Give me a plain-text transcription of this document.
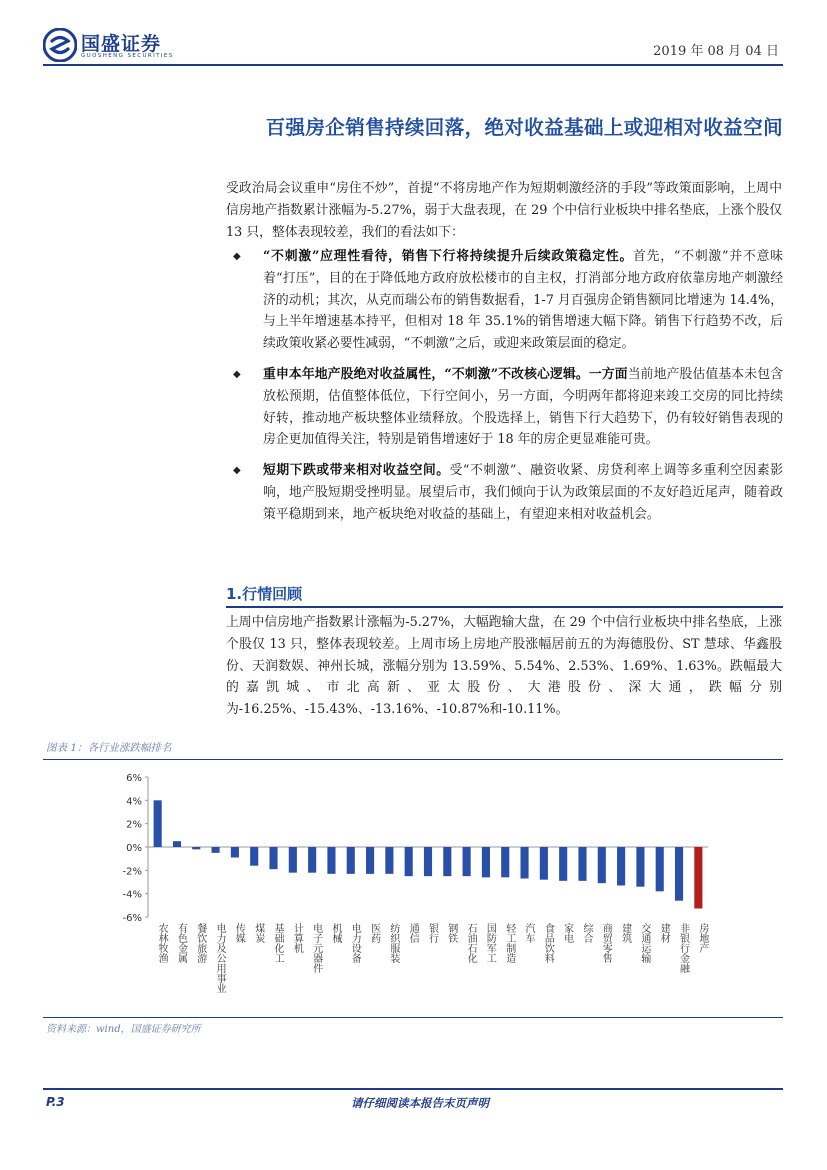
国盛证券
GUOSHENG SECURITIES	2019 年 08 月 04 日
百强房企销售持续回落，绝对收益基础上或迎相对收益空间
受政治局会议重申“房住不炒”，首提“不将房地产作为短期刺激经济的手段”等政策面影响，上周中信房地产指数累计涨幅为-5.27%，弱于大盘表现，在 29 个中信行业板块中排名垫底，上涨个股仅 13 只，整体表现较差，我们的看法如下：
◆ “不刺激”应理性看待，销售下行将持续提升后续政策稳定性。首先，“不刺激”并不意味着“打压”，目的在于降低地方政府放松楼市的自主权，打消部分地方政府依靠房地产刺激经济的动机；其次，从克而瑞公布的销售数据看，1-7 月百强房企销售额同比增速为 14.4%，与上半年增速基本持平，但相对 18 年 35.1%的销售增速大幅下降。销售下行趋势不改，后续政策收紧必要性减弱，“不刺激”之后，或迎来政策层面的稳定。
◆ 重申本年地产股绝对收益属性，“不刺激”不改核心逻辑。一方面当前地产股估值基本未包含放松预期，估值整体低位，下行空间小，另一方面，今明两年都将迎来竣工交房的同比持续好转，推动地产板块整体业绩释放。个股选择上，销售下行大趋势下，仍有较好销售表现的房企更加值得关注，特别是销售增速好于 18 年的房企更显难能可贵。
◆ 短期下跌或带来相对收益空间。受“不刺激”、融资收紧、房贷利率上调等多重利空因素影响，地产股短期受挫明显。展望后市，我们倾向于认为政策层面的不友好趋近尾声，随着政策平稳期到来，地产板块绝对收益的基础上，有望迎来相对收益机会。
1.行情回顾
上周中信房地产指数累计涨幅为-5.27%，大幅跑输大盘，在 29 个中信行业板块中排名垫底，上涨个股仅 13 只，整体表现较差。上周市场上房地产股涨幅居前五的为海德股份、ST 慧球、华鑫股份、天润数娱、神州长城，涨幅分别为 13.59%、5.54%、2.53%、1.69%、1.63%。跌幅最大的嘉凯城、市北高新、亚太股份、大港股份、深大通，跌幅分别为-16.25%、-15.43%、-13.16%、-10.87%和-10.11%。
图表 1：各行业涨跌幅排名
6%
4%
2%
0%
-2%
-4%
-6%
农林牧渔 有色金属 餐饮旅游 电力及公用事业 传媒 煤炭 基础化工 计算机 电子元器件 机械 电力设备 医药 纺织服装 通信 银行 钢铁 石油石化 国防军工 轻工制造 汽车 食品饮料 家电 综合 商贸零售 建筑 交通运输 建材 非银行金融 房地产
资料来源：wind，国盛证券研究所
P.3	请仔细阅读本报告末页声明
